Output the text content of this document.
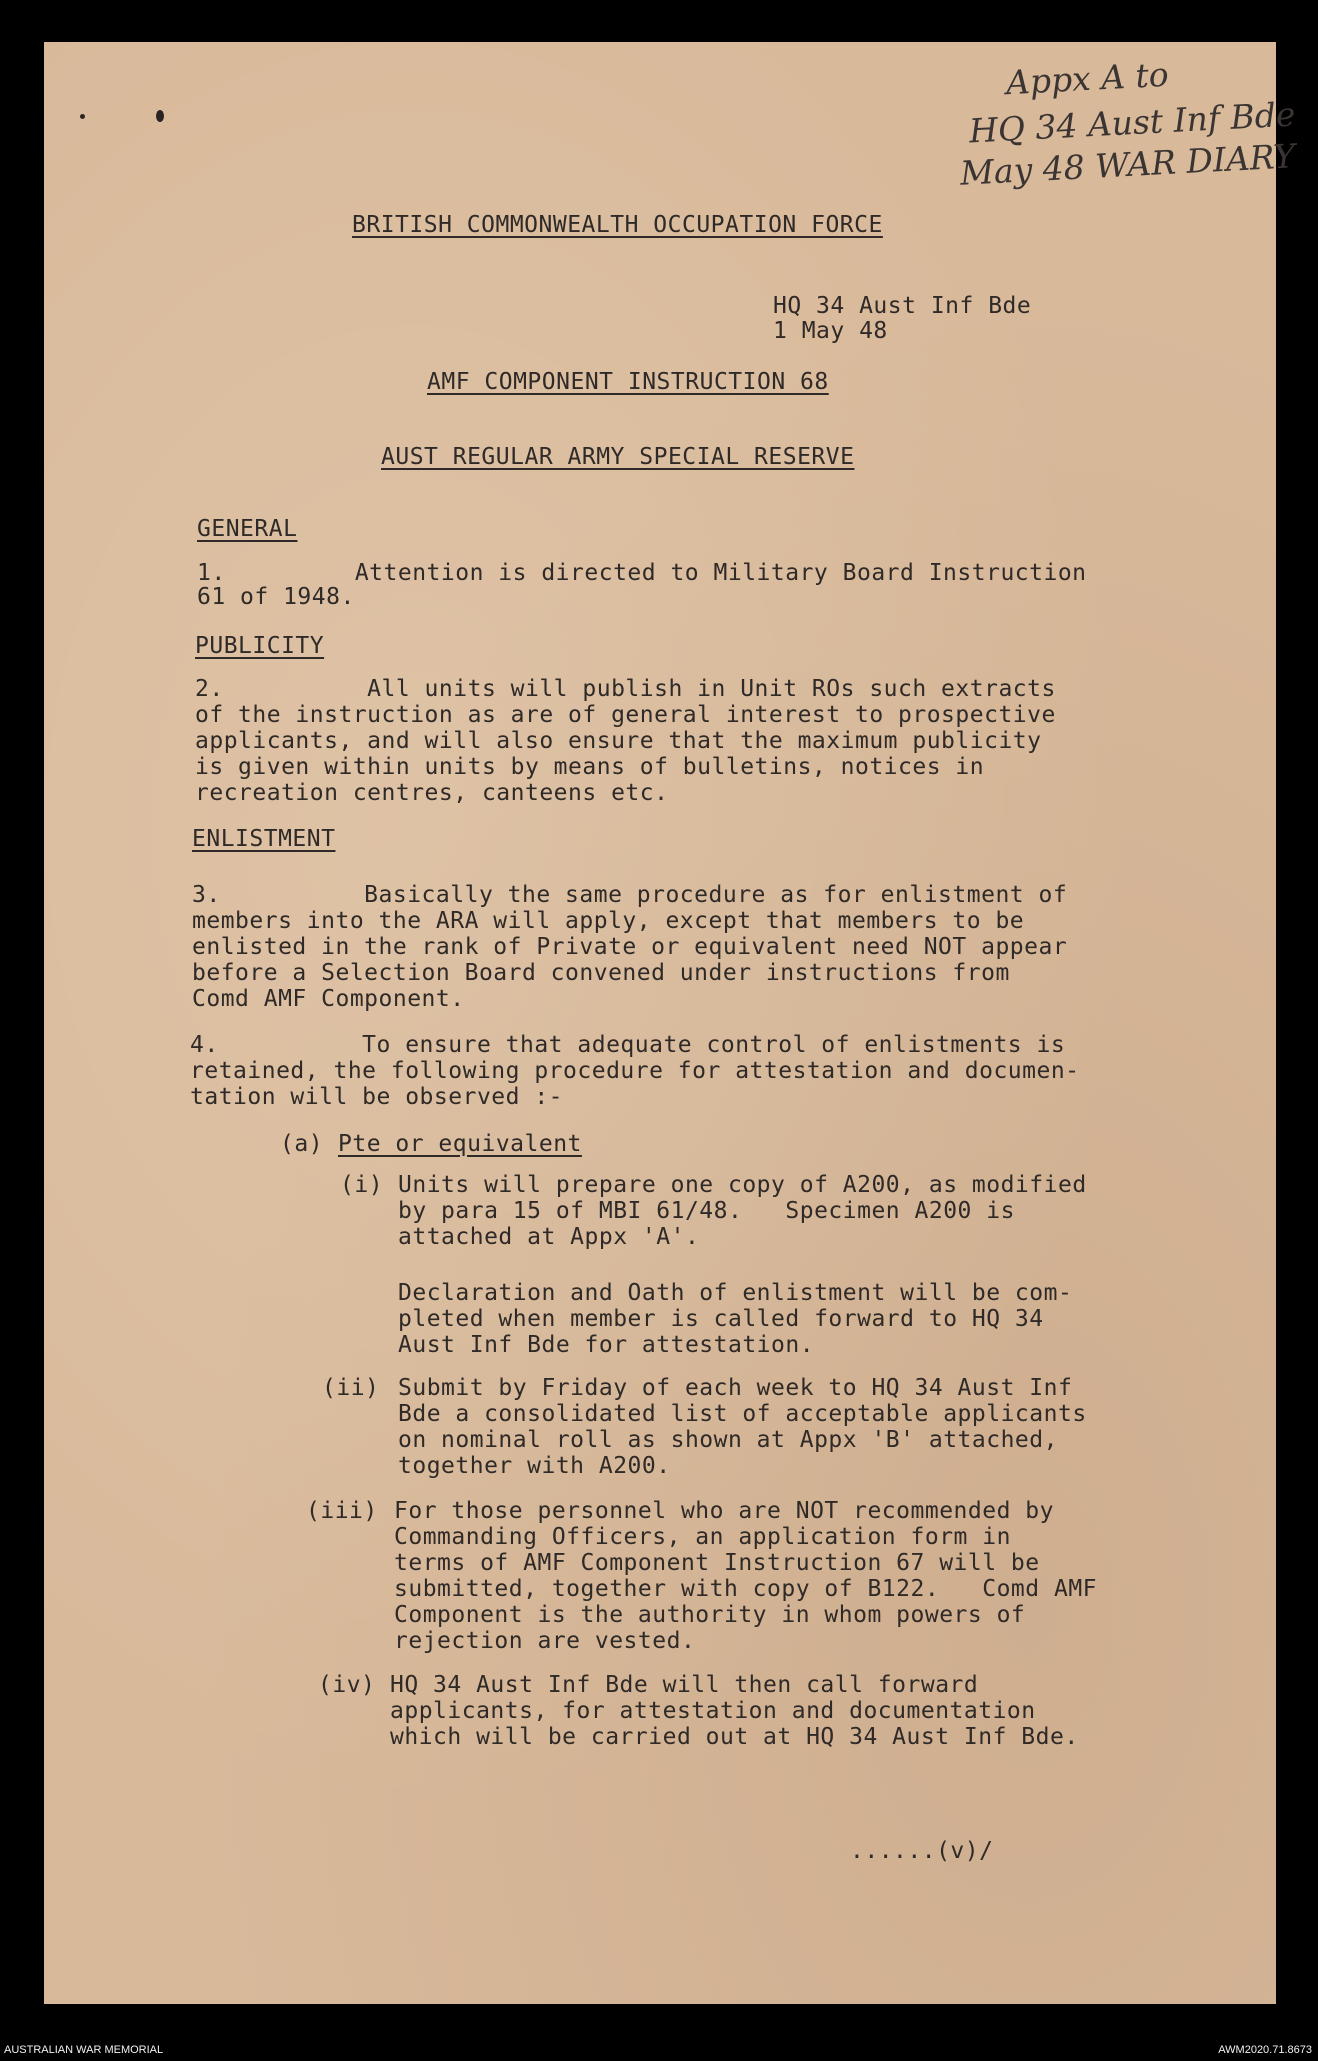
Appx A to
HQ 34 Aust Inf Bde
May 48 WAR DIARY
BRITISH COMMONWEALTH OCCUPATION FORCE
HQ 34 Aust Inf Bde
1 May 48
AMF COMPONENT INSTRUCTION 68
AUST REGULAR ARMY SPECIAL RESERVE
GENERAL
1.         Attention is directed to Military Board Instruction
61 of 1948.
PUBLICITY
2.          All units will publish in Unit ROs such extracts
of the instruction as are of general interest to prospective
applicants, and will also ensure that the maximum publicity
is given within units by means of bulletins, notices in
recreation centres, canteens etc.
ENLISTMENT
3.          Basically the same procedure as for enlistment of
members into the ARA will apply, except that members to be
enlisted in the rank of Private or equivalent need NOT appear
before a Selection Board convened under instructions from
Comd AMF Component.
4.          To ensure that adequate control of enlistments is
retained, the following procedure for attestation and documen-
tation will be observed :-
(a) Pte or equivalent
(i) Units will prepare one copy of A200, as modified
by para 15 of MBI 61/48.   Specimen A200 is
attached at Appx 'A'.
Declaration and Oath of enlistment will be com-
pleted when member is called forward to HQ 34
Aust Inf Bde for attestation.
(ii) Submit by Friday of each week to HQ 34 Aust Inf
Bde a consolidated list of acceptable applicants
on nominal roll as shown at Appx 'B' attached,
together with A200.
(iii) For those personnel who are NOT recommended by
Commanding Officers, an application form in
terms of AMF Component Instruction 67 will be
submitted, together with copy of B122.   Comd AMF
Component is the authority in whom powers of
rejection are vested.
(iv) HQ 34 Aust Inf Bde will then call forward
applicants, for attestation and documentation
which will be carried out at HQ 34 Aust Inf Bde.
......(v)/
AUSTRALIAN WAR MEMORIAL	AWM2020.71.8673
